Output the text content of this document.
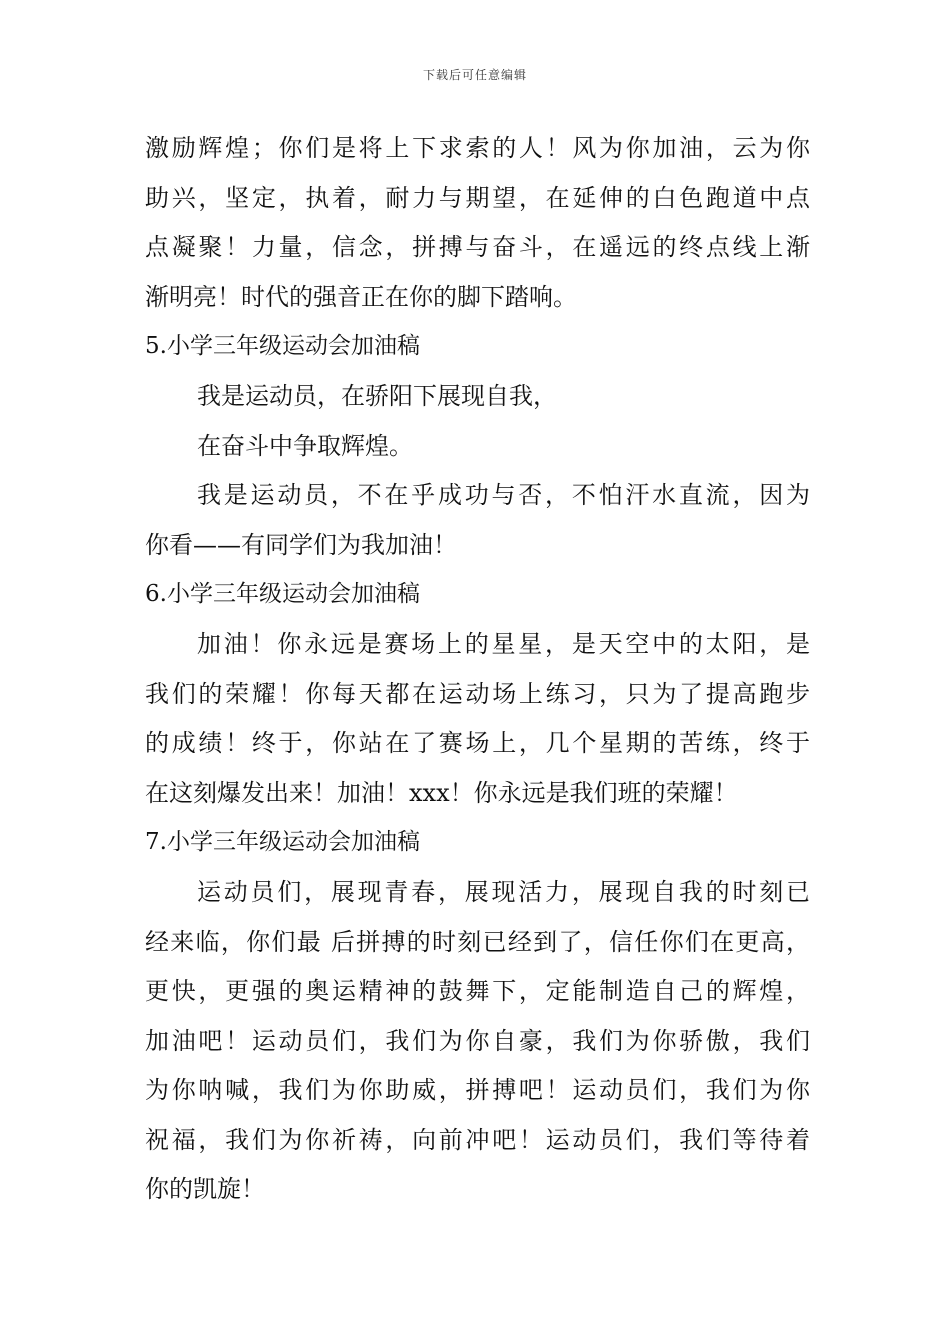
下载后可任意编辑
激励辉煌；你们是将上下求索的人！风为你加油，云为你
助兴，坚定，执着，耐力与期望，在延伸的白色跑道中点
点凝聚！力量，信念，拼搏与奋斗，在遥远的终点线上渐
渐明亮！时代的强音正在你的脚下踏响。
5.小学三年级运动会加油稿
我是运动员，在骄阳下展现自我，
在奋斗中争取辉煌。
我是运动员，不在乎成功与否，不怕汗水直流，因为
你看——有同学们为我加油！
6.小学三年级运动会加油稿
加油！你永远是赛场上的星星，是天空中的太阳，是
我们的荣耀！你每天都在运动场上练习，只为了提高跑步
的成绩！终于，你站在了赛场上，几个星期的苦练，终于
在这刻爆发出来！加油！xxx！你永远是我们班的荣耀！
7.小学三年级运动会加油稿
运动员们，展现青春，展现活力，展现自我的时刻已
经来临，你们最 后拼搏的时刻已经到了，信任你们在更高，
更快，更强的奥运精神的鼓舞下，定能制造自己的辉煌，
加油吧！运动员们，我们为你自豪，我们为你骄傲，我们
为你呐喊，我们为你助威，拼搏吧！运动员们，我们为你
祝福，我们为你祈祷，向前冲吧！运动员们，我们等待着
你的凯旋！
